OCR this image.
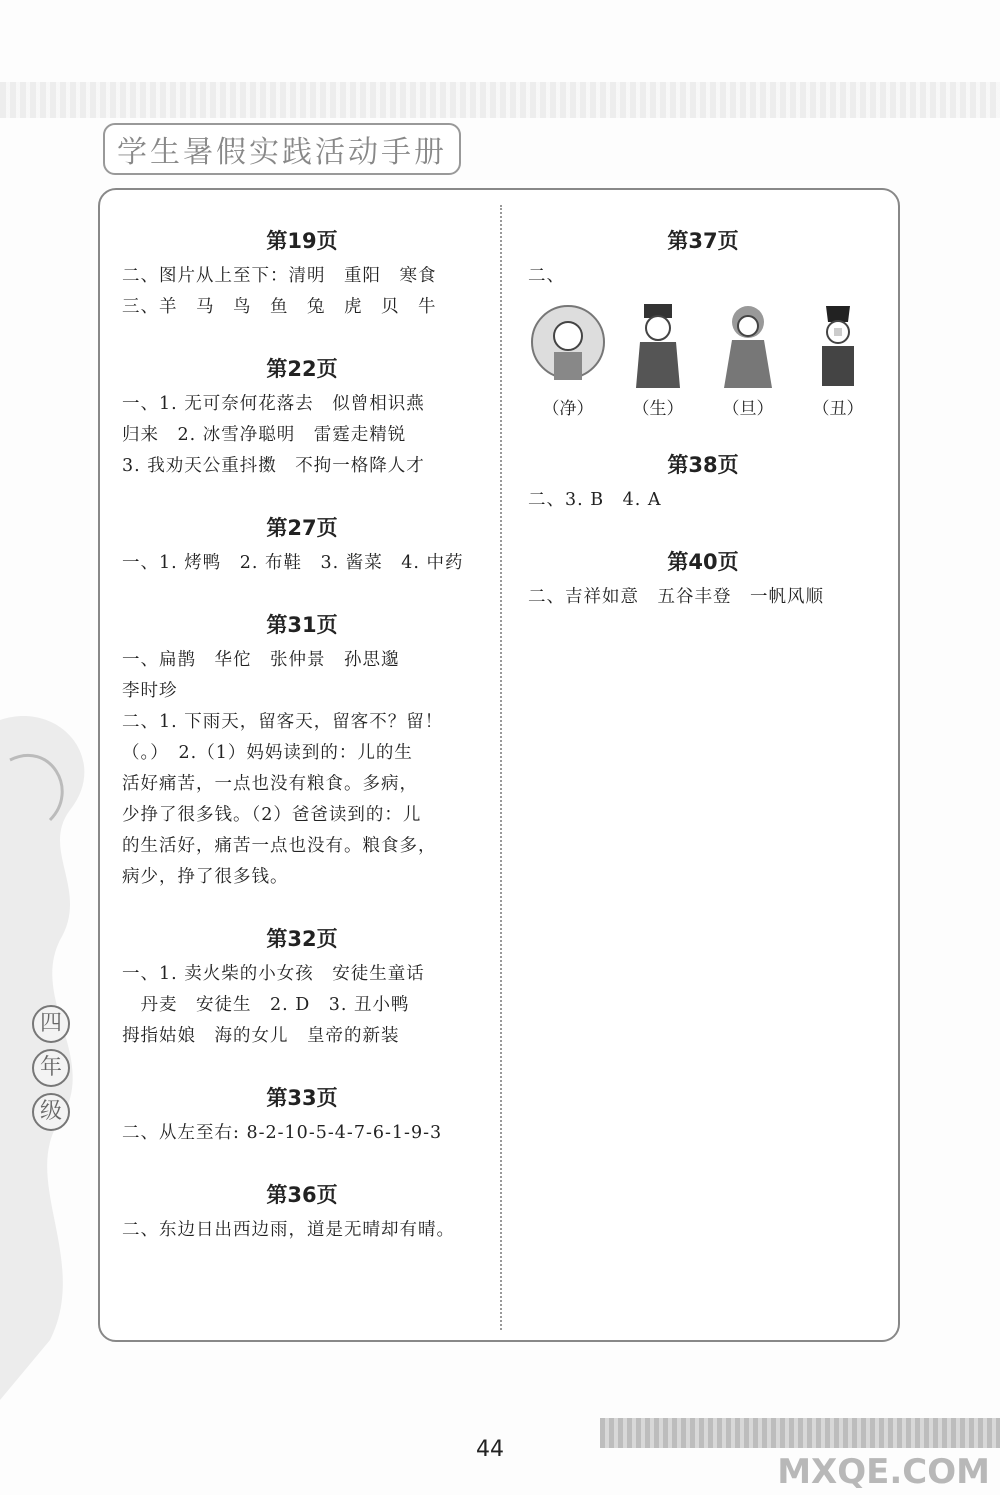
学生暑假实践活动手册
四
年
级
第19页

二、图片从上至下：清明　重阳　寒食

三、羊　马　鸟　鱼　兔　虎　贝　牛

第22页

一、1. 无可奈何花落去　似曾相识燕

归来　2. 冰雪净聪明　雷霆走精锐

3. 我劝天公重抖擞　不拘一格降人才

第27页

一、1. 烤鸭　2. 布鞋　3. 酱菜　4. 中药

第31页

一、扁鹊　华佗　张仲景　孙思邈

李时珍

二、1. 下雨天，留客天，留客不？留！

（。）　2.（1）妈妈读到的：儿的生

活好痛苦，一点也没有粮食。多病，

少挣了很多钱。（2）爸爸读到的：儿

的生活好，痛苦一点也没有。粮食多，

病少，挣了很多钱。

第32页

一、1. 卖火柴的小女孩　安徒生童话

　丹麦　安徒生　2. D　3. 丑小鸭

拇指姑娘　海的女儿　皇帝的新装

第33页

二、从左至右: 8-2-10-5-4-7-6-1-9-3

第36页

二、东边日出西边雨，道是无晴却有晴。

第37页

二、

（净）	（生）	（旦）	（丑）
第38页

二、3. B　4. A

第40页

二、吉祥如意　五谷丰登　一帆风顺

44
MXQE.COM
